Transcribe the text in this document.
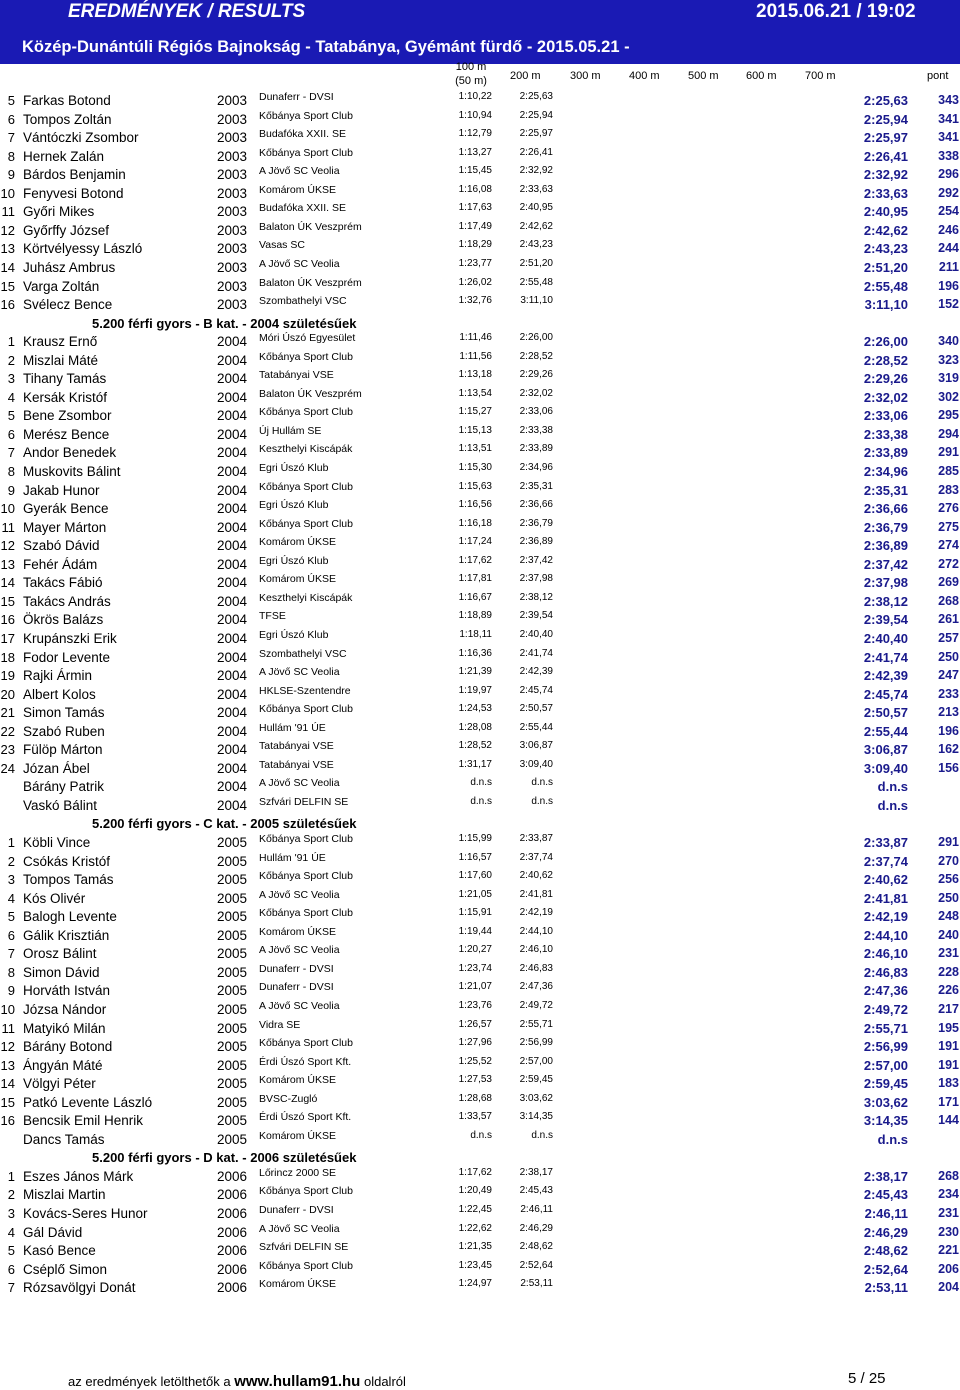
EREDMÉNYEK / RESULTS	2015.06.21 / 19:02
Közép-Dunántúli Régiós Bajnokság - Tatabánya, Gyémánt fürdő - 2015.05.21 -
100 m
(50 m)	200 m	300 m	400 m	500 m 600 m	700 m	pont
5 Farkas Botond	2003 Dunaferr - DVSI	1:10,22	2:25,63	2:25,63	343
6 Tompos Zoltán	2003 Kőbánya Sport Club	1:10,94	2:25,94	2:25,94	341
7 Vántóczki Zsombor	2003 Budafóka XXII. SE	1:12,79	2:25,97	2:25,97	341
8 Hernek Zalán	2003 Kőbánya Sport Club	1:13,27	2:26,41	2:26,41	338
9 Bárdos Benjamin	2003 A Jövő SC Veolia	1:15,45	2:32,92	2:32,92	296
10 Fenyvesi Botond	2003 Komárom ÚKSE	1:16,08	2:33,63	2:33,63	292
11 Győri Mikes	2003 Budafóka XXII. SE	1:17,63	2:40,95	2:40,95	254
12 Győrffy József	2003 Balaton ÚK Veszprém	1:17,49	2:42,62	2:42,62	246
13 Körtvélyessy László	2003 Vasas SC	1:18,29	2:43,23	2:43,23	244
14 Juhász Ambrus	2003 A Jövő SC Veolia	1:23,77	2:51,20	2:51,20	211
15 Varga Zoltán	2003 Balaton ÚK Veszprém	1:26,02	2:55,48	2:55,48	196
16 Svélecz Bence	2003 Szombathelyi VSC	1:32,76	3:11,10	3:11,10	152
5.200 férfi gyors - B kat. - 2004 születésűek
1 Krausz Ernő	2004 Móri Úszó Egyesület	1:11,46	2:26,00	2:26,00	340
2 Miszlai Máté	2004 Kőbánya Sport Club	1:11,56	2:28,52	2:28,52	323
3 Tihany Tamás	2004 Tatabányai VSE	1:13,18	2:29,26	2:29,26	319
4 Kersák Kristóf	2004 Balaton ÚK Veszprém	1:13,54	2:32,02	2:32,02	302
5 Bene Zsombor	2004 Kőbánya Sport Club	1:15,27	2:33,06	2:33,06	295
6 Merész Bence	2004 Új Hullám SE	1:15,13	2:33,38	2:33,38	294
7 Andor Benedek	2004 Keszthelyi Kiscápák	1:13,51	2:33,89	2:33,89	291
8 Muskovits Bálint	2004 Egri Úszó Klub	1:15,30	2:34,96	2:34,96	285
9 Jakab Hunor	2004 Kőbánya Sport Club	1:15,63	2:35,31	2:35,31	283
10 Gyerák Bence	2004 Egri Úszó Klub	1:16,56	2:36,66	2:36,66	276
11 Mayer Márton	2004 Kőbánya Sport Club	1:16,18	2:36,79	2:36,79	275
12 Szabó Dávid	2004 Komárom ÚKSE	1:17,24	2:36,89	2:36,89	274
13 Fehér Ádám	2004 Egri Úszó Klub	1:17,62	2:37,42	2:37,42	272
14 Takács Fábió	2004 Komárom ÚKSE	1:17,81	2:37,98	2:37,98	269
15 Takács András	2004 Keszthelyi Kiscápák	1:16,67	2:38,12	2:38,12	268
16 Ökrös Balázs	2004 TFSE	1:18,89	2:39,54	2:39,54	261
17 Krupánszki Erik	2004 Egri Úszó Klub	1:18,11	2:40,40	2:40,40	257
18 Fodor Levente	2004 Szombathelyi VSC	1:16,36	2:41,74	2:41,74	250
19 Rajki Ármin	2004 A Jövő SC Veolia	1:21,39	2:42,39	2:42,39	247
20 Albert Kolos	2004 HKLSE-Szentendre	1:19,97	2:45,74	2:45,74	233
21 Simon Tamás	2004 Kőbánya Sport Club	1:24,53	2:50,57	2:50,57	213
22 Szabó Ruben	2004 Hullám '91 ÚE	1:28,08	2:55,44	2:55,44	196
23 Fülöp Márton	2004 Tatabányai VSE	1:28,52	3:06,87	3:06,87	162
24 Józan Ábel	2004 Tatabányai VSE	1:31,17	3:09,40	3:09,40	156
Bárány Patrik	2004 A Jövő SC Veolia	d.n.s	d.n.s	d.n.s
Vaskó Bálint	2004 Szfvári DELFIN SE	d.n.s	d.n.s	d.n.s
5.200 férfi gyors - C kat. - 2005 születésűek
1 Köbli Vince	2005 Kőbánya Sport Club	1:15,99	2:33,87	2:33,87	291
2 Csókás Kristóf	2005 Hullám '91 ÚE	1:16,57	2:37,74	2:37,74	270
3 Tompos Tamás	2005 Kőbánya Sport Club	1:17,60	2:40,62	2:40,62	256
4 Kós Olivér	2005 A Jövő SC Veolia	1:21,05	2:41,81	2:41,81	250
5 Balogh Levente	2005 Kőbánya Sport Club	1:15,91	2:42,19	2:42,19	248
6 Gálik Krisztián	2005 Komárom ÚKSE	1:19,44	2:44,10	2:44,10	240
7 Orosz Bálint	2005 A Jövő SC Veolia	1:20,27	2:46,10	2:46,10	231
8 Simon Dávid	2005 Dunaferr - DVSI	1:23,74	2:46,83	2:46,83	228
9 Horváth István	2005 Dunaferr - DVSI	1:21,07	2:47,36	2:47,36	226
10 Józsa Nándor	2005 A Jövő SC Veolia	1:23,76	2:49,72	2:49,72	217
11 Matyikó Milán	2005 Vidra SE	1:26,57	2:55,71	2:55,71	195
12 Bárány Botond	2005 Kőbánya Sport Club	1:27,96	2:56,99	2:56,99	191
13 Ángyán Máté	2005 Érdi Úszó Sport Kft.	1:25,52	2:57,00	2:57,00	191
14 Völgyi Péter	2005 Komárom ÚKSE	1:27,53	2:59,45	2:59,45	183
15 Patkó Levente László	2005 BVSC-Zugló	1:28,68	3:03,62	3:03,62	171
16 Bencsik Emil Henrik	2005 Érdi Úszó Sport Kft.	1:33,57	3:14,35	3:14,35	144
Dancs Tamás	2005 Komárom ÚKSE	d.n.s	d.n.s	d.n.s
5.200 férfi gyors - D kat. - 2006 születésűek
1 Eszes János Márk	2006 Lőrincz 2000 SE	1:17,62	2:38,17	2:38,17	268
2 Miszlai Martin	2006 Kőbánya Sport Club	1:20,49	2:45,43	2:45,43	234
3 Kovács-Seres Hunor	2006 Dunaferr - DVSI	1:22,45	2:46,11	2:46,11	231
4 Gál Dávid	2006 A Jövő SC Veolia	1:22,62	2:46,29	2:46,29	230
5 Kasó Bence	2006 Szfvári DELFIN SE	1:21,35	2:48,62	2:48,62	221
6 Cséplő Simon	2006 Kőbánya Sport Club	1:23,45	2:52,64	2:52,64	206
7 Rózsavölgyi Donát	2006 Komárom ÚKSE	1:24,97	2:53,11	2:53,11	204
az eredmények letölthetők a www.hullam91.hu oldalról	5 / 25
